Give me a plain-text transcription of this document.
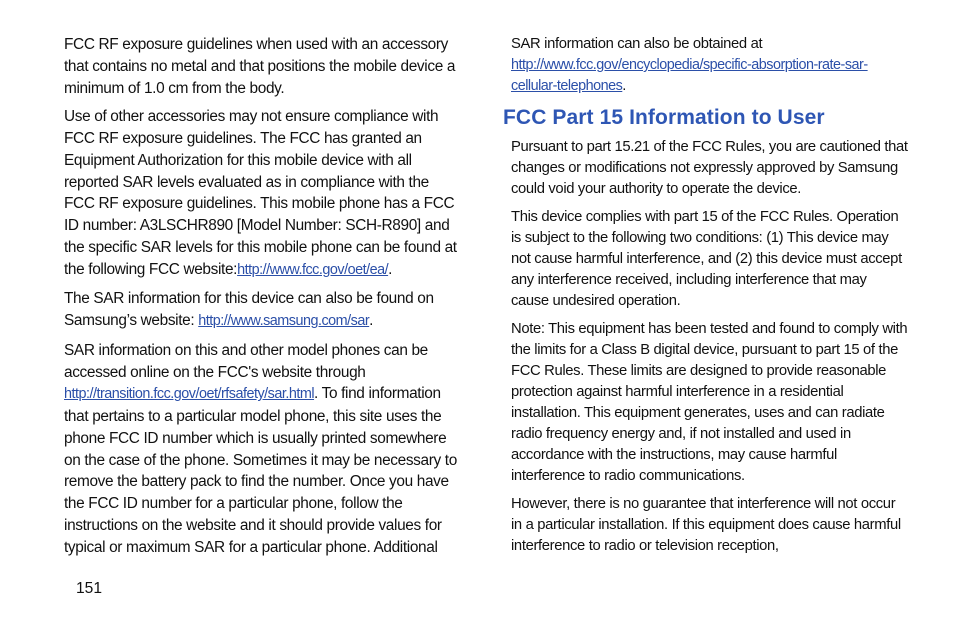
FCC RF exposure guidelines when used with an accessory that contains no metal and that positions the mobile device a minimum of 1.0 cm from the body.

Use of other accessories may not ensure compliance with FCC RF exposure guidelines. The FCC has granted an Equipment Authorization for this mobile device with all reported SAR levels evaluated as in compliance with the FCC RF exposure guidelines. This mobile phone has a FCC ID number: A3LSCHR890 [Model Number: SCH-R890] and the specific SAR levels for this mobile phone can be found at the following FCC website:http://www.fcc.gov/oet/ea/.

The SAR information for this device can also be found on Samsung’s website: http://www.samsung.com/sar.

SAR information on this and other model phones can be accessed online on the FCC's website through http://transition.fcc.gov/oet/rfsafety/sar.html. To find information that pertains to a particular model phone, this site uses the phone FCC ID number which is usually printed somewhere on the case of the phone. Sometimes it may be necessary to remove the battery pack to find the number. Once you have the FCC ID number for a particular phone, follow the instructions on the website and it should provide values for typical or maximum SAR for a particular phone. Additional

SAR information can also be obtained at http://www.fcc.gov/encyclopedia/specific-absorption-rate-sar-cellular-telephones.

FCC Part 15 Information to User

Pursuant to part 15.21 of the FCC Rules, you are cautioned that changes or modifications not expressly approved by Samsung could void your authority to operate the device.

This device complies with part 15 of the FCC Rules. Operation is subject to the following two conditions: (1) This device may not cause harmful interference, and (2) this device must accept any interference received, including interference that may cause undesired operation.

Note: This equipment has been tested and found to comply with the limits for a Class B digital device, pursuant to part 15 of the FCC Rules. These limits are designed to provide reasonable protection against harmful interference in a residential installation. This equipment generates, uses and can radiate radio frequency energy and, if not installed and used in accordance with the instructions, may cause harmful interference to radio communications.

However, there is no guarantee that interference will not occur in a particular installation. If this equipment does cause harmful interference to radio or television reception,

151
